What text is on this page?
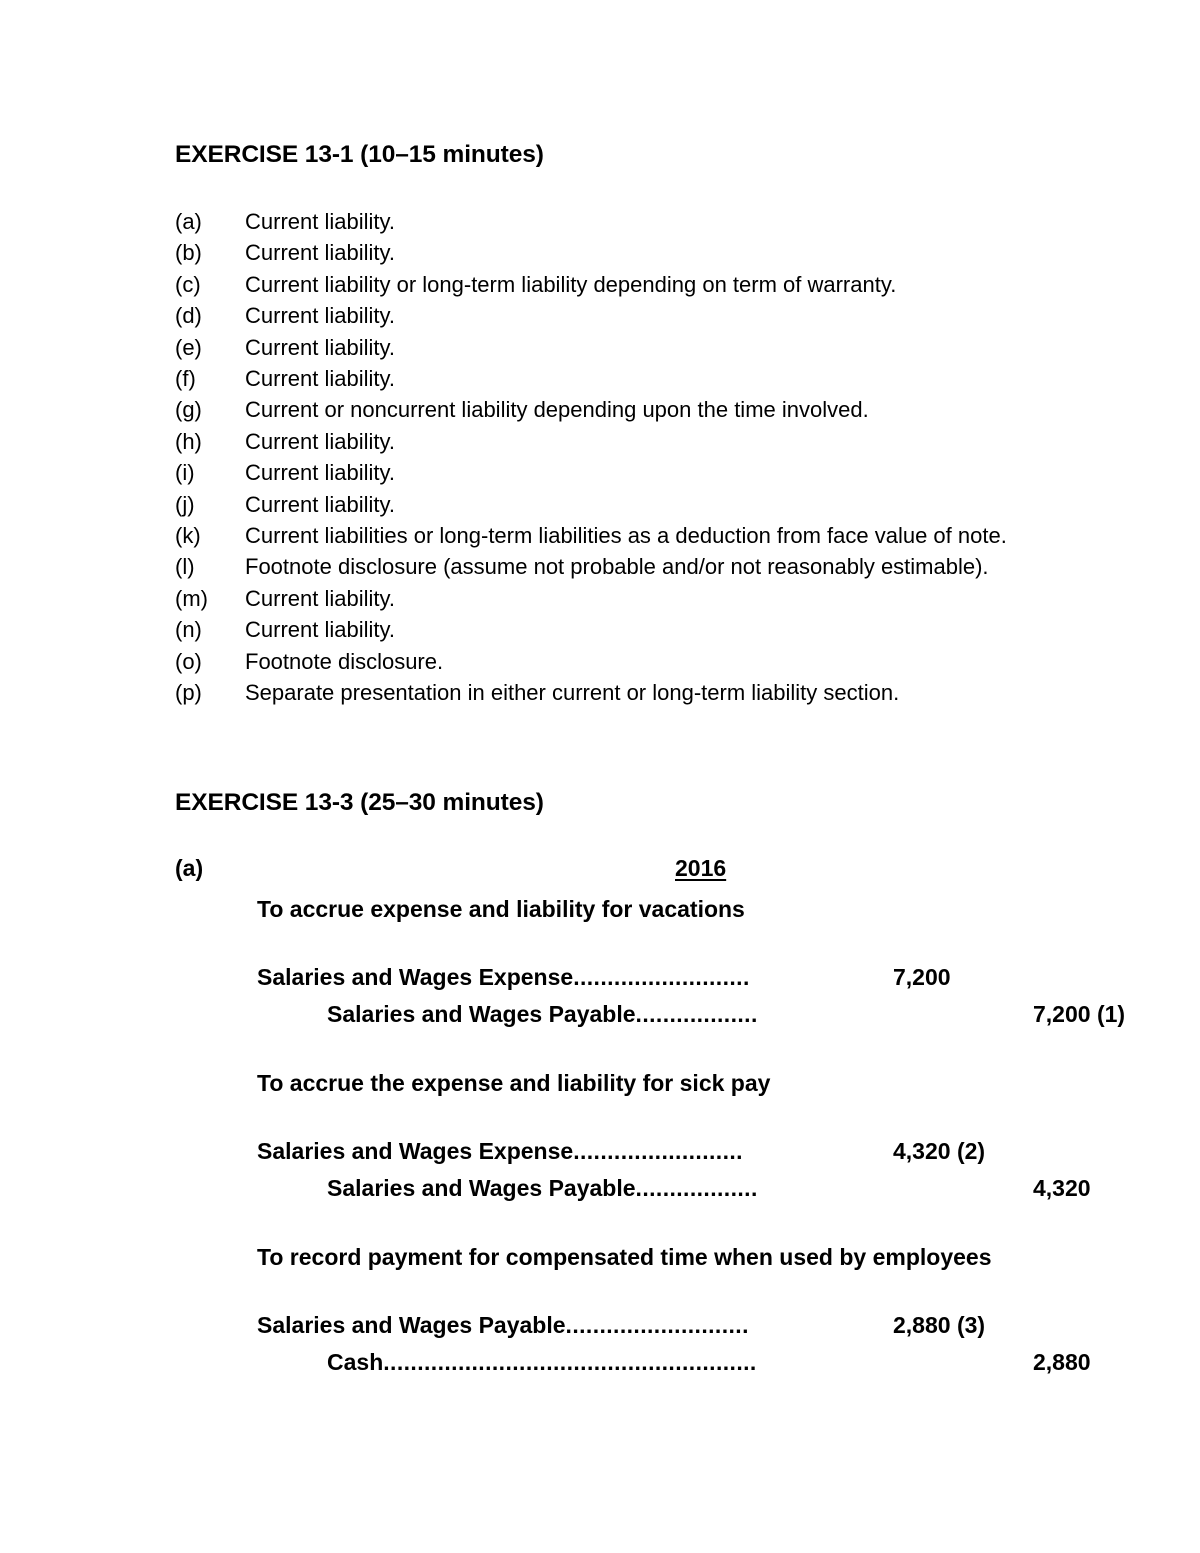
EXERCISE 13-1 (10–15 minutes)
(a)	Current liability.
(b)	Current liability.
(c)	Current liability or long-term liability depending on term of warranty.
(d)	Current liability.
(e)	Current liability.
(f)	Current liability.
(g)	Current or noncurrent liability depending upon the time involved.
(h)	Current liability.
(i)	Current liability.
(j)	Current liability.
(k)	Current liabilities or long-term liabilities as a deduction from face value of note.
(l)	Footnote disclosure (assume not probable and/or not reasonably estimable).
(m)	Current liability.
(n)	Current liability.
(o)	Footnote disclosure.
(p)	Separate presentation in either current or long-term liability section.
EXERCISE 13-3 (25–30 minutes)
(a)	2016
To accrue expense and liability for vacations
Salaries and Wages Expense..........................	7,200
Salaries and Wages Payable..................	7,200 (1)
To accrue the expense and liability for sick pay
Salaries and Wages Expense.........................	4,320 (2)
Salaries and Wages Payable..................	4,320
To record payment for compensated time when used by employees
Salaries and Wages Payable...........................	2,880 (3)
Cash.......................................................	2,880
